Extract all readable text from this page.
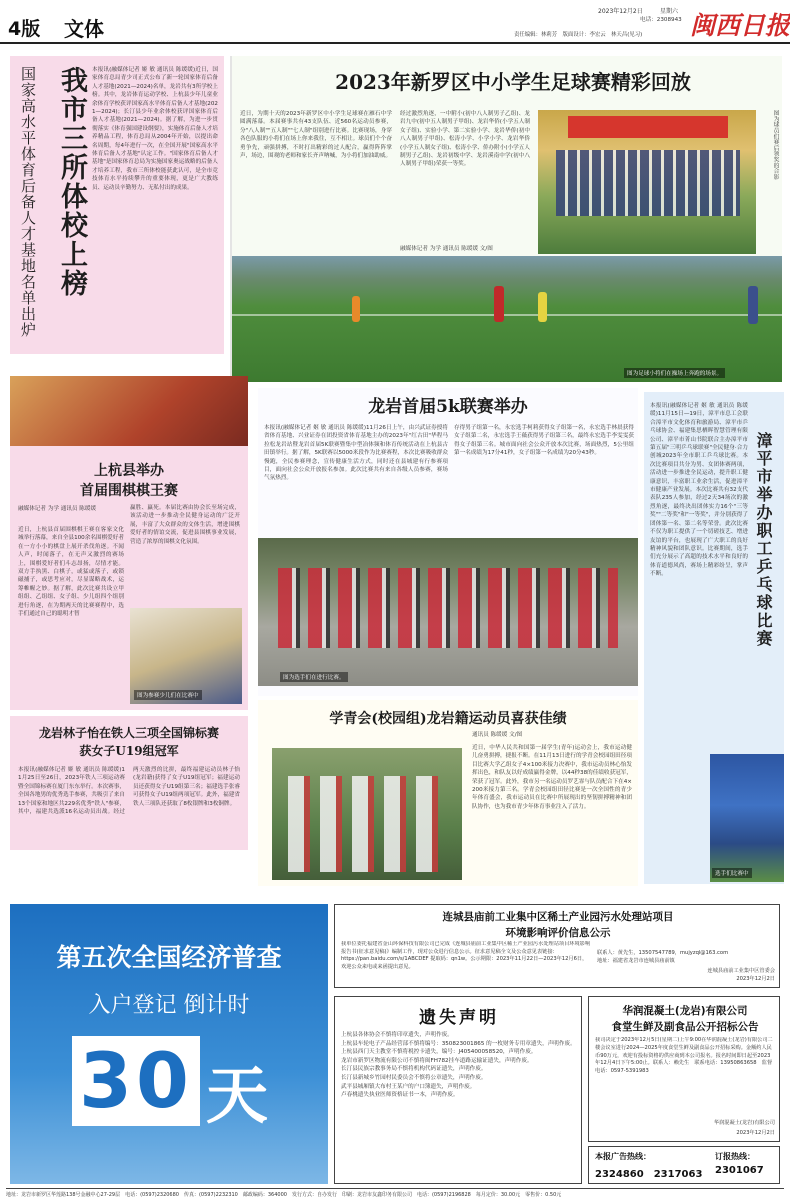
4版 文体
2023年12月2日	星期六
电话：2308943
责任编辑：林莉芳　版面设计：李宏云　林天昌(见习)	闽西日报
我市三所体校上榜
国家高水平体育后备人才基地名单出炉	本报讯(融媒体记者 姬 敏 通讯员 陈缓缓)近日，国家体育总局青少司正式公布了新一轮国家体育后备人才基地(2021—2024)名单，龙岩共有3所学校上榜。其中，龙岩体育运动学校、上杭县少年儿童业余体育学校获评国家高水平体育后备人才基地(2021—2024)；长汀县少年业余体校获评国家体育后备人才基地(2021—2024)。据了解，为进一步贯彻落实《体育强国建设纲要》，实施体育后备人才培养精品工程，体育总局从2004年开始，以提出命名周期，每4年进行一次，在全国开展"国家高水平体育后备人才基地"认定工作。"国家体育后备人才基地"是国家体育总局为实施国家奥运战略的后备人才培养工程，我市三所体校能获此认可，是全市竞技体育水平持续攀升的重要体现，更是广大教练员、运动员辛勤努力、无私付出的成果。
2023年新罗区中小学生足球赛精彩回放
近日，为期十天的2023年新罗区中小学生足球赛在雁石中学圆满落幕。本届赛事共有43支队伍、近560名运动员参赛，分"八人制""五人制""七人制"组别进行比赛。比赛现场，身穿各色队服的小将们在场上你来我往，互不相让。球员们个个奋勇争先，顽强拼搏，不时打出精彩的过人配合，赢得阵阵掌声，场边，围观的老师和家长齐声呐喊，为小将们加油助威。
经过激烈角逐，一中附小(初中八人制男子乙组)、龙岩九中(初中五人制男子甲组)、龙岩华侨(小学五人制女子组)、实验小学、第二实验小学、龙岩华侨(初中八人制男子甲组)、松涛小学、小学小学、龙岩华侨(小学五人制女子组)、松涛小学、侨办附小(小学五人制男子乙组)、龙岩初级中学、龙岩溪南中学(初中八人制男子甲组)荣获一等奖。
融媒体记者 为学 通讯员 陈缓缓 文/图
图为球员们赛后领奖的合影
图为足球小将们在操场上奔跑的场景。
上杭县举办
首届围棋棋王赛
融媒体记者 为学 通讯员 陈缓缓
近日，上杭县首届围棋棋王赛在客家文化城举行落幕，来自全县100余名围棋爱好者在一方小小的棋盘上展开杀伐角逐。不闻人声，时闻落子，在无声又激烈的赛场上，围棋爱好者们斗志昂扬，尽情才能。双方手执黑、白棋子，或猛或落子，或锁磁捕子，或思考应对，尽显谋略战术，运筹帷幄之妙。据了解，此次比赛共设立甲组组、乙组组、女子组、少儿组四个组别进行角逐，在为期两天的比赛赛程中，选手们通过自己的聪明才智
赢胜、赢死。本届比赛由协会长至场完成，该活动进一步推动全民健身运动的广泛开展，丰富了大众群众的文体生活，增进围棋爱好者的情谊交流，促进县围棋事业发展，营造了浓厚的围棋文化氛围。
图为参赛少儿们在比赛中
龙岩林子怡在铁人三项全国锦标赛
获女子U19组冠军
本报讯(融媒体记者 姬 敏 通讯员 陈缓缓)11月25日至26日，2023年铁人三项运动赛暨全国锦标赛在厦门东东举行。本次赛事，全国各地男的优秀选手参赛，共吸引了来自13个国家和地区共229名优秀"铁人"参赛，其中，福建共选派16名运动员出战。经过两天激烈的比拼，最终福建运动员林子怡(龙岩籍)获得了女子U19组冠军；福建运动员还获得女子U19组第三名；福建选手张睿可获得女子U19组两项冠军。此外，福建省铁人三项队还获取了8枚银牌和3枚铜牌。
龙岩首届5k联赛举办
本报讯(融媒体记者 姬 敏 通讯员 陈缓缓)11月26日上午，由兴武证券授将省体育基地、兴业证券在团投资省体育基地主办的2023年"红古田"华程马拉松龙岩站暨龙岩首届5K联赛暨集中型冶体频和体育传统活动在上杭县古田镇举行。据了解，5K联赛以5000米段作为比赛赛程，本次比赛吸收群众慢跑，全民参赛理念，宣传健康生活方式，同时还在县城建有行参赛项目，面向社会公众开放报名参加。此次比赛共有来自各级人员参赛，赛场气氛热烈。
存得男子组第一名，永宏选手柯莉获得女子组第一名，永宏选手林晨获得女子组第二名，永宏选手王薇获得男子组第三名，最终永宏选手李雯雯获得女子组第三名。城市面向社会公众开放本次比赛，场面热烈，5公里组第一名成绩为17分41秒，女子组第一名成绩为20分43秒。
图为选手们在进行比赛。
学青会(校园组)龙岩籍运动员喜获佳绩
通讯员 陈缓缓 文/图
近日，中华人民共和国第一届学生(青年)运动会上，我市运动健儿奋勇拼搏，捷报不断。在11月13日进行的学青会校园组田径项目比赛大学乙组女子4×100米接力决赛中，我市运动员林心怡发挥出色，和队友以好成绩赢得金牌，以44秒38的佳绩收获冠军，荣获了冠军。此外，我市另一名运动员罗艺霏与队员配合下在4×200米接力第三名。学青会校园组田径比赛是一次全国性的青少年体育盛会，我市运动员在比赛中所展现出的坚韧拼搏精神和团队协作，也为我市青少年体育事业注入了活力。
漳平市举办职工乒乓球比赛
本报讯(融媒体记者 姬 敏 通讯员 陈缓缓)11月15日—19日，漳平市总工会联合漳平市文化体育和旅游局、漳平市乒乓球协会、福建集思栖晖智慧管理有限公司、漳平市菁山书院联合主办漳平市第五届"三明乒乓球联赛"全民健身·合力创城2023年全市职工乒乓球比赛。本次比赛项目共分为男、女团体赛两项，活动进一步推进全民运动，提升职工健康意识，丰富职工业余生活，促进漳平市健康产业发展。本次比赛共有32支代表队235人参加，经过2天34场次的激烈角逐，最终决出团体实力16个"三等奖""二等奖"和"一等奖"，并分别获得了团体第一名、第二名等荣誉。此次比赛不仅为职工提供了一个切磋技艺、增进友谊的平台，也展现了广大职工的良好精神风貌和团队意识。比赛期间，选手们充分展示了高超的技术水平和良好的体育道德风尚，赛场上精彩纷呈，掌声不断。
选手们比赛中
第五次全国经济普查
入户登记 倒计时
30 天
连城县庙前工业集中区稀土产业园污水处理站项目
环境影响评价信息公示
我单位委托福建省金山环保科技有限公司已完成《连城县庙前工业集中区稀土产业园污水处理站项目环境影响报告书(征求意见稿)》编制工作，现对公众进行信息公示。征求意见稿全文及公众意见表链接：https://pan.baidu.com/s/1ABCDEF 提取码：qn1w。公示期限：2023年11月22日—2023年12月6日，欢迎公众来电或来函提出意见。
联系人：黄先生，13507547789，mujyzql@163.com
地址：福建省龙岩市连城县庙前镇
连城县庙前工业集中区管委会
2023年12月2日
遗失声明
上杭县各体协会不慎将印章遗失，声明作废。
上杭县车轮电子产品经营部不慎将编号：350823001865 的一枚财务专用章遗失，声明作废。
上杭县西门天主教堂不慎将税控卡遗失，编号：J405400058520，声明作废。
龙岩市新罗区物流有限公司不慎将闽FH782挂车道路运输证遗失，声明作废。
长汀县民族宗教事务局不慎将机构代码证遗失，声明作废。
长汀县新城乡竹园村民委员会不慎将公章遗失，声明作废。
武平县城厢镇大布村王某户的户口簿遗失，声明作废。
卢春桃遗失执业医师资格证书一本，声明作废。
华润混凝土(龙岩)有限公司
食堂生鲜及副食品公开招标公告
我司决定于2023年12月5日(星期二)上午9:00在华润混凝土(龙岩)有限公司二楼会议室进行2024—2025年度食堂生鲜及副食品公开招标采购。金额约人民币90万元，欢迎有投标资格的供应商到本公司报名。报名时间即日起至2023年12月4日下午5:00止。联系人：赖先生　联系电话：13950863658　监督电话：0597-5391983
华润混凝土(龙岩)有限公司
2023年12月2日
本报广告热线：
2324860　2317063
订报热线：
2301067
地址：龙岩市新罗区华莲路138号金融中心27-29层　电话：(0597)2320680　传真：(0597)2232310　邮政编码：364000　发行方式：自办发行　印刷：龙岩市友鑫印务有限公司　电话：(0597)2196828　每月定价：30.00元　零售价：0.50元
